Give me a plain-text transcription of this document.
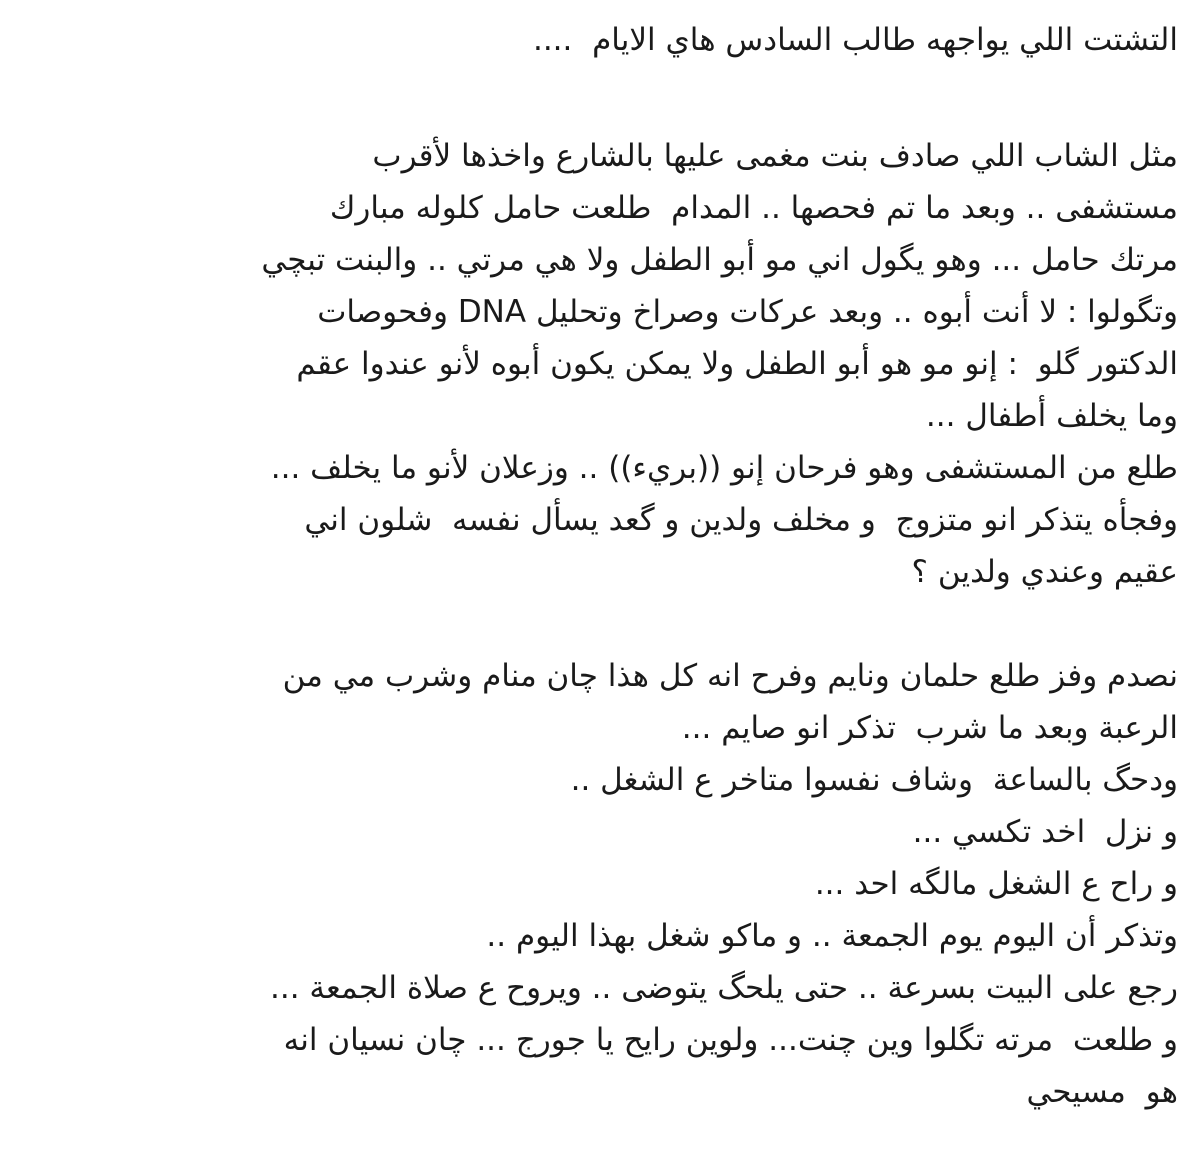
التشتت اللي يواجهه طالب السادس هاي الايام  ....
مثل الشاب اللي صادف بنت مغمى عليها بالشارع واخذها لأقرب
مستشفى .. وبعد ما تم فحصها .. المدام  طلعت حامل كلوله مبارك
مرتك حامل ... وهو يگول اني مو أبو الطفل ولا هي مرتي .. والبنت تبچي
وتگولوا : لا أنت أبوه .. وبعد عركات وصراخ وتحليل DNA وفحوصات
الدكتور گلو  : إنو مو هو أبو الطفل ولا يمكن يكون أبوه لأنو عندوا عقم
وما يخلف أطفال ...
طلع من المستشفى وهو فرحان إنو ((بريء)) .. وزعلان لأنو ما يخلف ...
وفجأه يتذكر انو متزوج  و مخلف ولدين و گعد يسأل نفسه  شلون اني
عقيم وعندي ولدين ؟
نصدم وفز طلع حلمان ونايم وفرح انه كل هذا چان منام وشرب مي من
الرعبة وبعد ما شرب  تذكر انو صايم ...
ودحگ بالساعة  وشاف نفسوا متاخر ع الشغل ..
و نزل  اخد تكسي ...
و راح ع الشغل مالگه احد ...
وتذكر أن اليوم يوم الجمعة .. و ماكو شغل بهذا اليوم ..
رجع على البيت بسرعة .. حتى يلحگ يتوضى .. ويروح ع صلاة الجمعة ...
و طلعت  مرته تگلوا وين چنت... ولوين رايح يا جورج ... چان نسيان انه
هو  مسيحي
